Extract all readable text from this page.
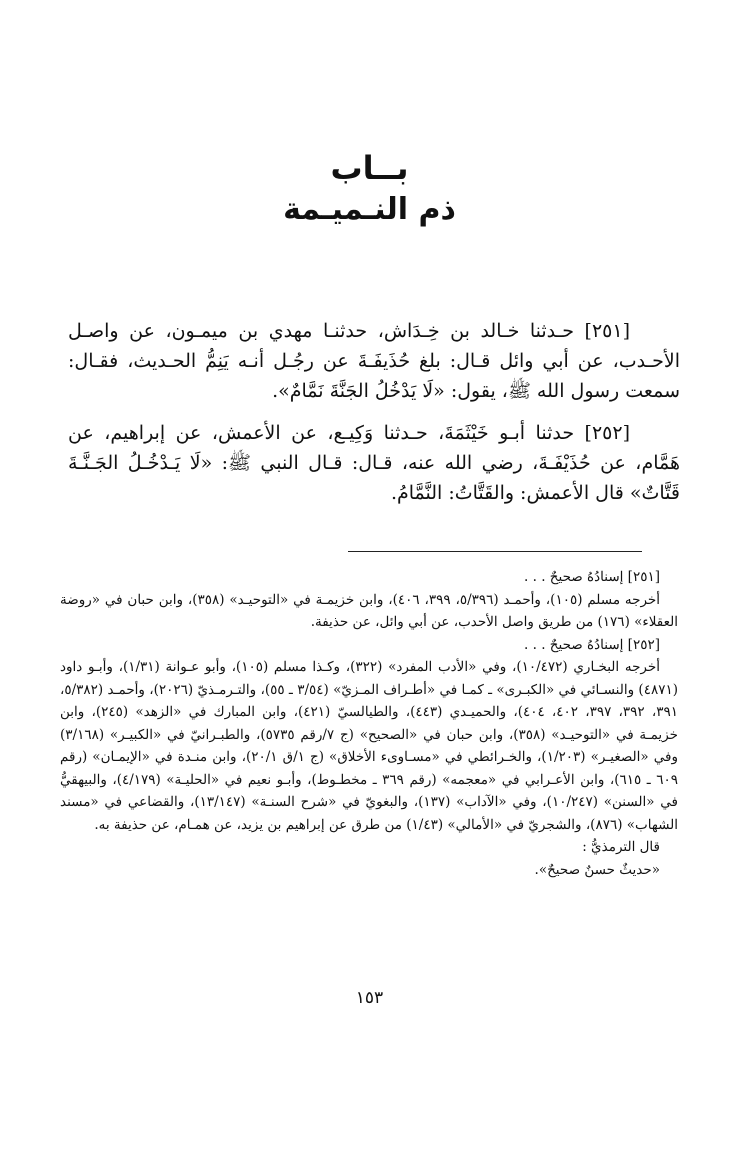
بــاب
ذم النـميـمة

[٢٥١] حـدثنا خـالد بن خِـدَاش، حدثنـا مهدي بن ميمـون، عن واصـل الأحـدب، عن أبي وائل قـال: بلغ حُذَيفَـةَ عن رجُـل أنـه يَنِمُّ الحـديث، فقـال: سمعت رسول الله ﷺ، يقول: «لَا يَدْخُلُ الجَنَّةَ نَمَّامٌ».

[٢٥٢] حدثنا أبـو خَيْثَمَةَ، حـدثنا وَكِيـع، عن الأعمش، عن إبراهيم، عن هَمَّام، عن حُذَيْفَـةَ، رضي الله عنه، قـال: قـال النبي ﷺ: «لَا يَـدْخُـلُ الجَـنَّـةَ قَتَّاتٌ» قال الأعمش: والقَتَّاتُ: النَّمَّامُ.

[٢٥١] إسنادُهُ صحيحٌ . . .

أخرجه مسلم (١٠٥)، وأحمـد (٥/٣٩٦، ٣٩٩، ٤٠٦)، وابن خزيمـة في «التوحيـد» (٣٥٨)، وابن حبان في «روضة العقلاء» (١٧٦) من طريق واصل الأحدب، عن أبي وائل، عن حذيفة.

[٢٥٢] إسنادُهُ صحيحٌ . . .

أخرجه البخـاري (١٠/٤٧٢)، وفي «الأدب المفرد» (٣٢٢)، وكـذا مسلم (١٠٥)، وأبو عـوانة (١/٣١)، وأبـو داود (٤٨٧١) والنسـائي في «الكبـرى» ـ كمـا في «أطـراف المـزيّ» (٣/٥٤ ـ ٥٥)، والتـرمـذيّ (٢٠٢٦)، وأحمـد (٥/٣٨٢، ٣٩١، ٣٩٢، ٣٩٧، ٤٠٢، ٤٠٤)، والحميـدي (٤٤٣)، والطيالسيّ (٤٢١)، وابن المبارك في «الزهد» (٢٤٥)، وابن خزيمـة في «التوحيـد» (٣٥٨)، وابن حبان في «الصحيح» (ج ٧/رقم ٥٧٣٥)، والطبـرانيّ في «الكبيـر» (٣/١٦٨) وفي «الصغيـر» (١/٢٠٣)، والخـرائطي في «مسـاوىء الأخلاق» (ج ١/ق ٢٠/١)، وابن منـدة في «الإيمـان» (رقم ٦٠٩ ـ ٦١٥)، وابن الأعـرابي في «معجمه» (رقم ٣٦٩ ـ مخطـوط)، وأبـو نعيم في «الحليـة» (٤/١٧٩)، والبيهقيُّ في «السنن» (١٠/٢٤٧)، وفي «الآداب» (١٣٧)، والبغويّ في «شرح السنـة» (١٣/١٤٧)، والقضاعي في «مسند الشهاب» (٨٧٦)، والشجريّ في «الأمالي» (١/٤٣) من طرق عن إبراهيم بن يزيد، عن همـام، عن حذيفة به.

قال الترمذيُّ :

«حديثٌ حسنٌ صحيحٌ».

١٥٣
